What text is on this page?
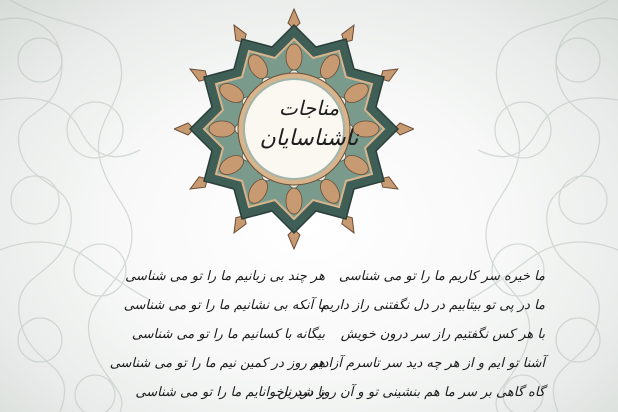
مناجات
ناشناسایان
ما خیره سر کاریم ما را تو می شناسی
ما در پی تو بیتابیم در دل نگفتنی راز داریم
با هر کس نگفتیم راز سر درون خویش
آشنا تو ایم و از هر چه دید سر تاسرم آزادیم
گاه گاهی بر سر ما هم بنشینی تو و آن روز شیرین
هر چند بی زبانیم ما را تو می شناسی
با آنکه بی نشانیم ما را تو می شناسی
بیگانه با کسانیم ما را تو می شناسی
هر روز در کمین نیم ما را تو می شناسی
با درد ناخوانایم ما را تو می شناسی
